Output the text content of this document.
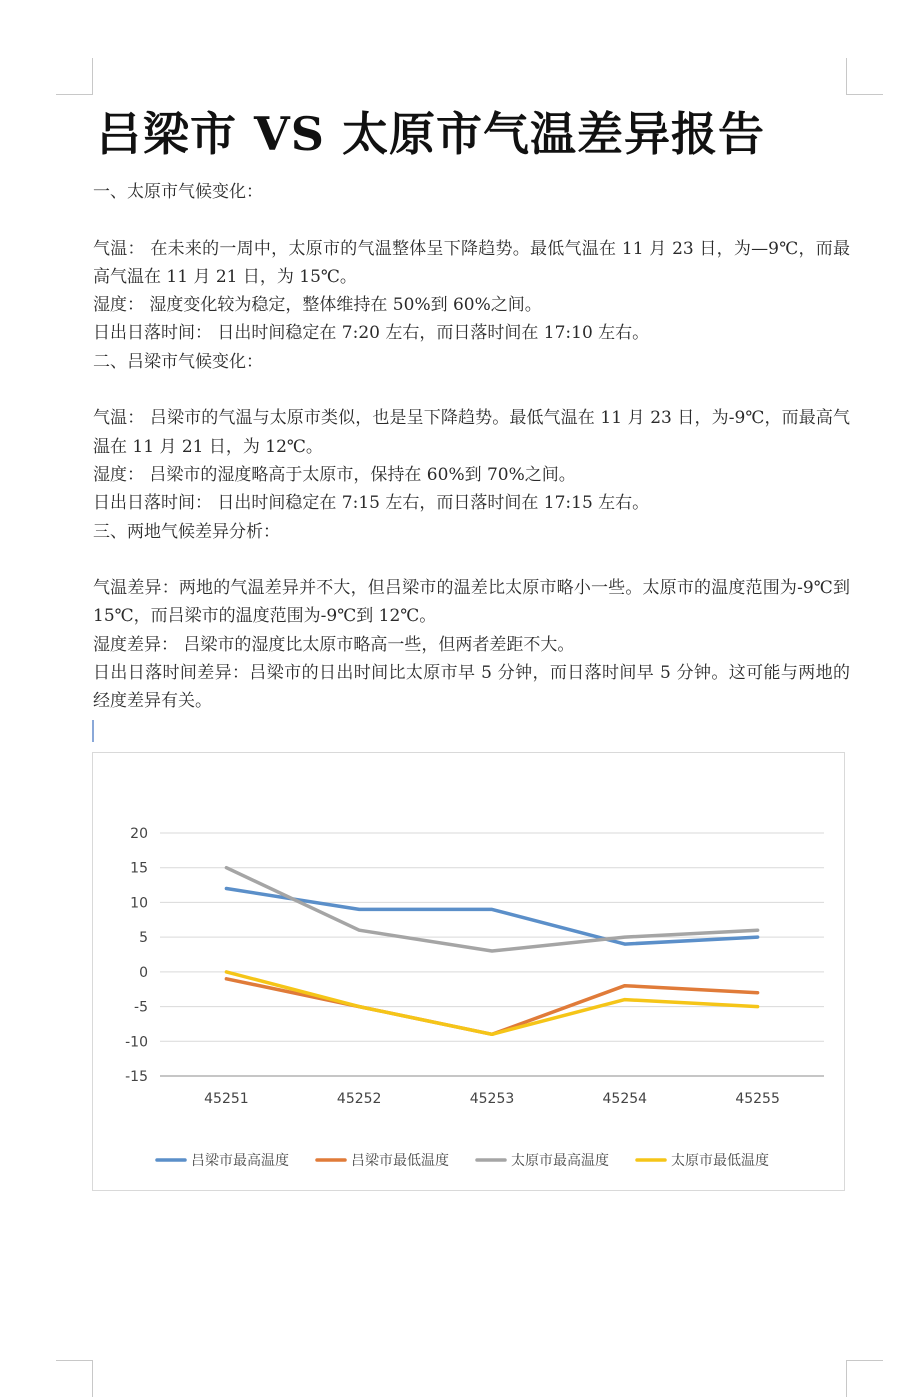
吕梁市 VS 太原市气温差异报告
一、太原市气候变化：
气温： 在未来的一周中，太原市的气温整体呈下降趋势。最低气温在 11 月 23 日，为—9℃，而最高气温在 11 月 21 日，为 15℃。
湿度： 湿度变化较为稳定，整体维持在 50%到 60%之间。
日出日落时间： 日出时间稳定在 7:20 左右，而日落时间在 17:10 左右。
二、吕梁市气候变化：
气温： 吕梁市的气温与太原市类似，也是呈下降趋势。最低气温在 11 月 23 日，为-9℃，而最高气温在 11 月 21 日，为 12℃。
湿度： 吕梁市的湿度略高于太原市，保持在 60%到 70%之间。
日出日落时间： 日出时间稳定在 7:15 左右，而日落时间在 17:15 左右。
三、两地气候差异分析：
气温差异：两地的气温差异并不大，但吕梁市的温差比太原市略小一些。太原市的温度范围为-9℃到 15℃，而吕梁市的温度范围为-9℃到 12℃。
湿度差异： 吕梁市的湿度比太原市略高一些，但两者差距不大。
日出日落时间差异：吕梁市的日出时间比太原市早 5 分钟，而日落时间早 5 分钟。这可能与两地的经度差异有关。
20
15
10
5
0
-5
-10
-15
45251	45252	45253	45254	45255
吕梁市最高温度	吕梁市最低温度	太原市最高温度	太原市最低温度
